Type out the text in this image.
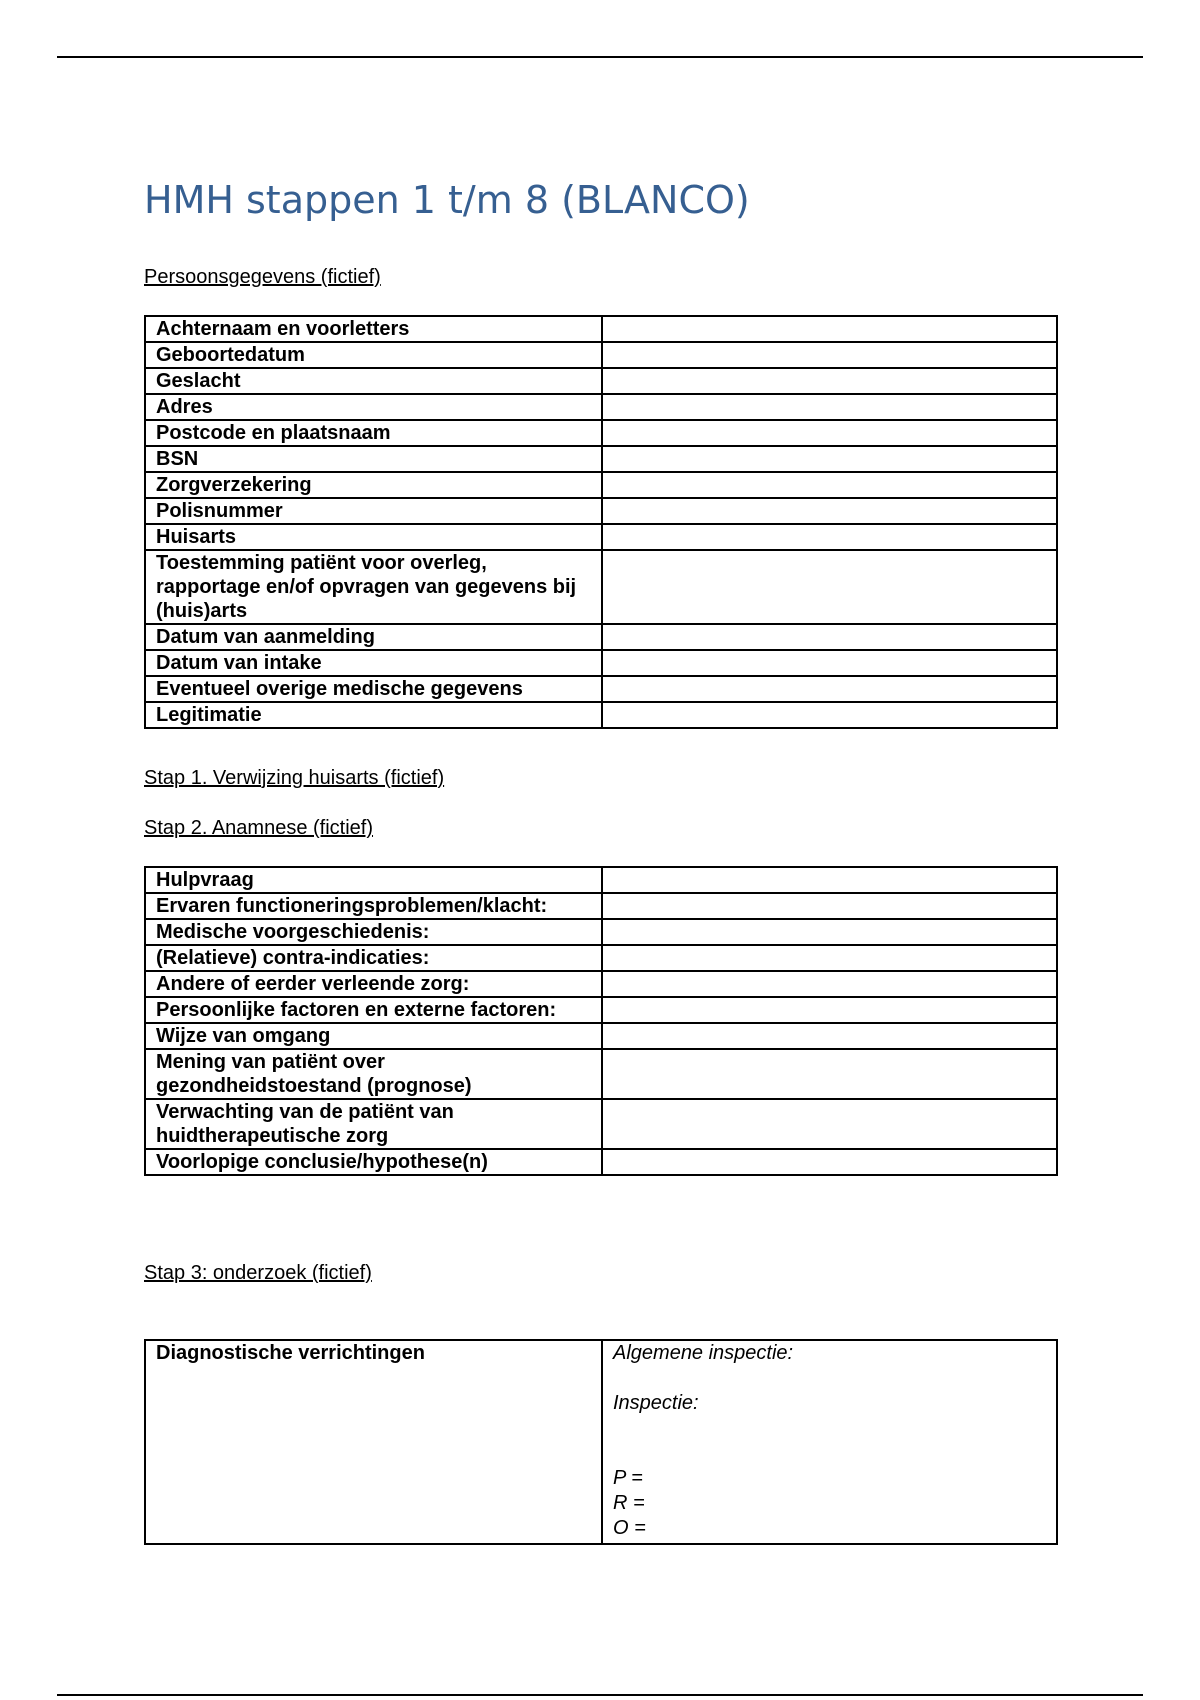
HMH stappen 1 t/m 8 (BLANCO)

Persoonsgegevens (fictief)

Achternaam en voorletters	
Geboortedatum	
Geslacht	
Adres	
Postcode en plaatsnaam	
BSN	
Zorgverzekering	
Polisnummer	
Huisarts	
Toestemming patiënt voor overleg, rapportage en/of opvragen van gegevens bij (huis)arts	
Datum van aanmelding	
Datum van intake	
Eventueel overige medische gegevens	
Legitimatie	

Stap 1. Verwijzing huisarts (fictief)

Stap 2. Anamnese (fictief)

Hulpvraag	
Ervaren functioneringsproblemen/klacht:	
Medische voorgeschiedenis:	
(Relatieve) contra-indicaties:	
Andere of eerder verleende zorg:	
Persoonlijke factoren en externe factoren:	
Wijze van omgang	
Mening van patiënt over gezondheidstoestand (prognose)	
Verwachting van de patiënt van huidtherapeutische zorg	
Voorlopige conclusie/hypothese(n)	

Stap 3: onderzoek (fictief)

Diagnostische verrichtingen	Algemene inspectie:
Inspectie:
P =
R =
O =
